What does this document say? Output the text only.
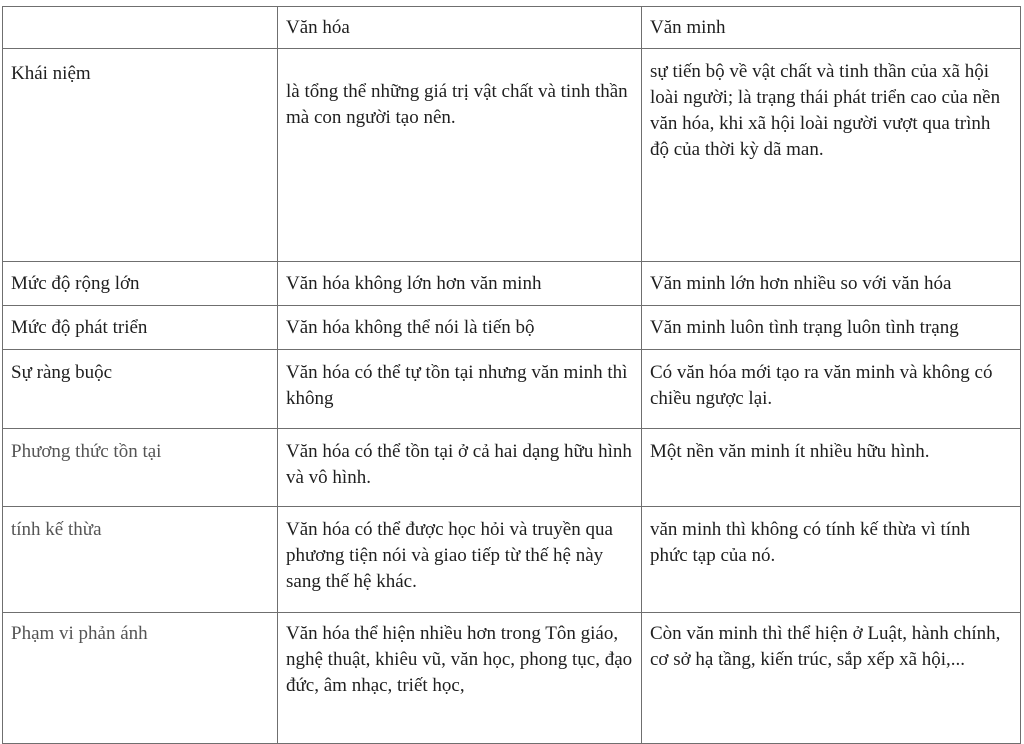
	Văn hóa	Văn minh
Khái niệm	là tổng thể những giá trị vật chất và tinh thần mà con người tạo nên.	sự tiến bộ về vật chất và tinh thần của xã hội loài người; là trạng thái phát triển cao của nền văn hóa, khi xã hội loài người vượt qua trình độ của thời kỳ dã man.
Mức độ rộng lớn	Văn hóa không lớn hơn văn minh	Văn minh lớn hơn nhiều so với văn hóa
Mức độ phát triển	Văn hóa không thể nói là tiến bộ	Văn minh luôn tình trạng luôn tình trạng
Sự ràng buộc	Văn hóa có thể tự tồn tại nhưng văn minh thì không	Có văn hóa mới tạo ra văn minh và không có chiều ngược lại.
Phương thức tồn tại	Văn hóa có thể tồn tại ở cả hai dạng hữu hình và vô hình.	Một nền văn minh ít nhiều hữu hình.
tính kế thừa	Văn hóa có thể được học hỏi và truyền qua phương tiện nói và giao tiếp từ thế hệ này sang thế hệ khác.	văn minh thì không có tính kế thừa vì tính phức tạp của nó.
Phạm vi phản ánh	Văn hóa thể hiện nhiều hơn trong Tôn giáo, nghệ thuật, khiêu vũ, văn học, phong tục, đạo đức, âm nhạc, triết học,	Còn văn minh thì thể hiện ở Luật, hành chính, cơ sở hạ tầng, kiến trúc, sắp xếp xã hội,...
